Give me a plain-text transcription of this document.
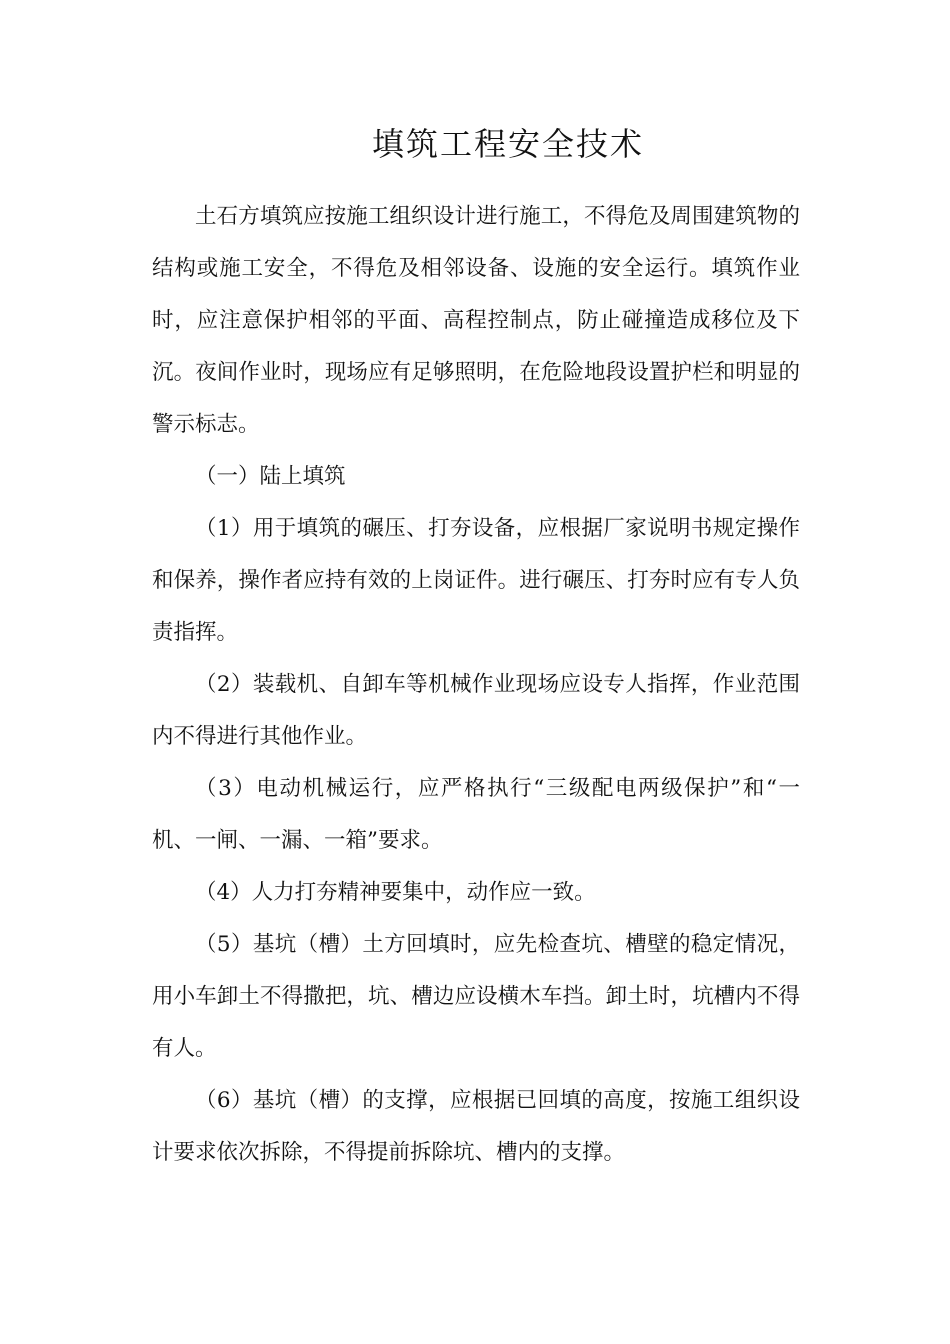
填筑工程安全技术

土石方填筑应按施工组织设计进行施工，不得危及周围建筑物的结构或施工安全，不得危及相邻设备、设施的安全运行。填筑作业时，应注意保护相邻的平面、高程控制点，防止碰撞造成移位及下沉。夜间作业时，现场应有足够照明，在危险地段设置护栏和明显的警示标志。

（一）陆上填筑

（1）用于填筑的碾压、打夯设备，应根据厂家说明书规定操作和保养，操作者应持有效的上岗证件。进行碾压、打夯时应有专人负责指挥。

（2）装载机、自卸车等机械作业现场应设专人指挥，作业范围内不得进行其他作业。

（3）电动机械运行，应严格执行“三级配电两级保护”和“一机、一闸、一漏、一箱”要求。

（4）人力打夯精神要集中，动作应一致。

（5）基坑（槽）土方回填时，应先检查坑、槽壁的稳定情况，用小车卸土不得撒把，坑、槽边应设横木车挡。卸土时，坑槽内不得有人。

（6）基坑（槽）的支撑，应根据已回填的高度，按施工组织设计要求依次拆除，不得提前拆除坑、槽内的支撑。
